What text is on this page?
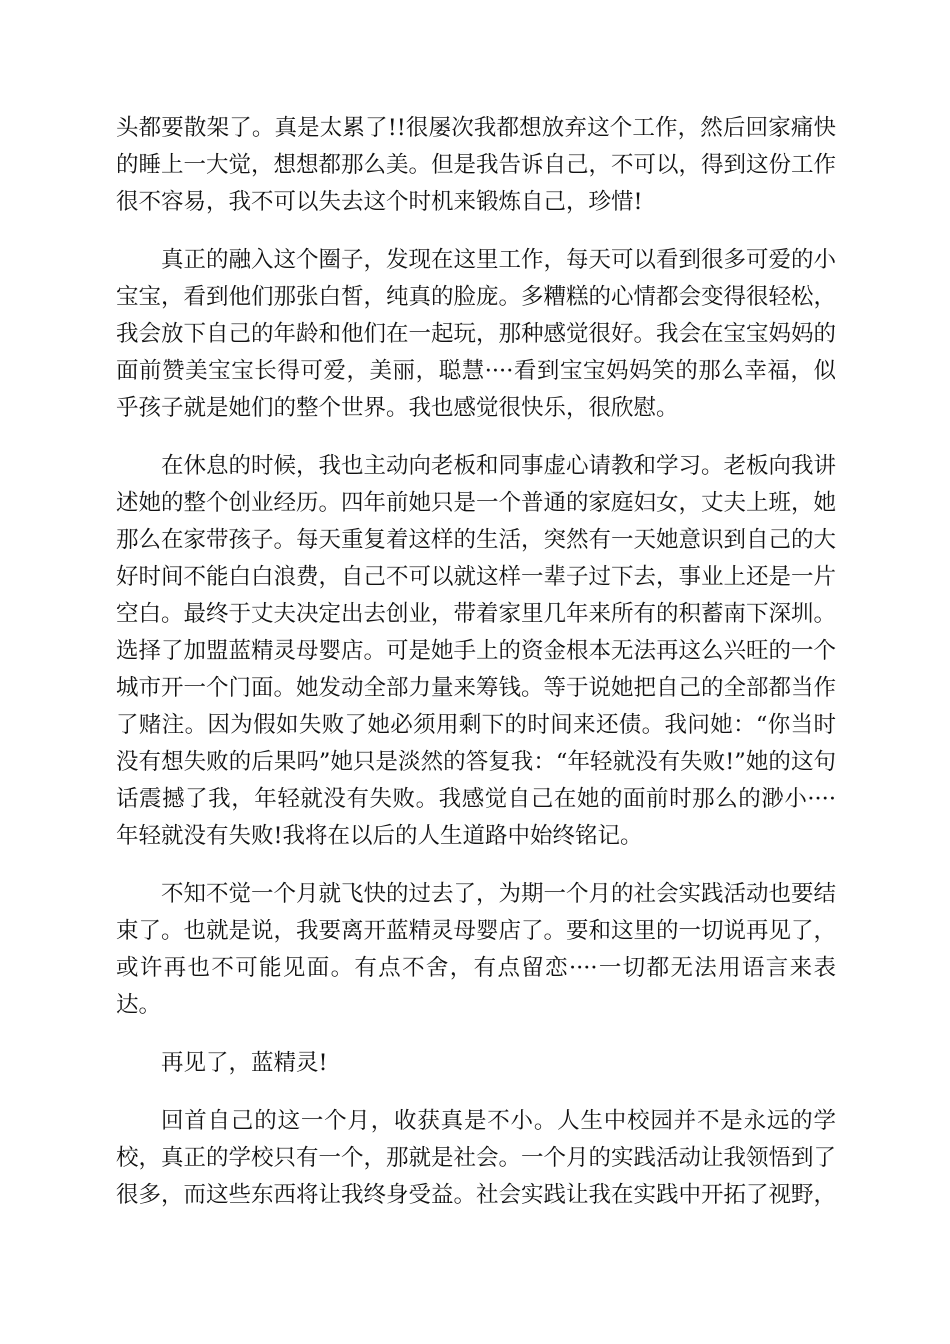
头都要散架了。真是太累了!!很屡次我都想放弃这个工作，然后回家痛快的睡上一大觉，想想都那么美。但是我告诉自己，不可以，得到这份工作很不容易，我不可以失去这个时机来锻炼自己，珍惜!

真正的融入这个圈子，发现在这里工作，每天可以看到很多可爱的小宝宝，看到他们那张白皙，纯真的脸庞。多糟糕的心情都会变得很轻松，我会放下自己的年龄和他们在一起玩，那种感觉很好。我会在宝宝妈妈的面前赞美宝宝长得可爱，美丽，聪慧····看到宝宝妈妈笑的那么幸福，似乎孩子就是她们的整个世界。我也感觉很快乐，很欣慰。

在休息的时候，我也主动向老板和同事虚心请教和学习。老板向我讲述她的整个创业经历。四年前她只是一个普通的家庭妇女，丈夫上班，她那么在家带孩子。每天重复着这样的生活，突然有一天她意识到自己的大好时间不能白白浪费，自己不可以就这样一辈子过下去，事业上还是一片空白。最终于丈夫决定出去创业，带着家里几年来所有的积蓄南下深圳。选择了加盟蓝精灵母婴店。可是她手上的资金根本无法再这么兴旺的一个城市开一个门面。她发动全部力量来筹钱。等于说她把自己的全部都当作了赌注。因为假如失败了她必须用剩下的时间来还债。我问她：“你当时没有想失败的后果吗”她只是淡然的答复我：“年轻就没有失败!”她的这句话震撼了我，年轻就没有失败。我感觉自己在她的面前时那么的渺小····年轻就没有失败!我将在以后的人生道路中始终铭记。

不知不觉一个月就飞快的过去了，为期一个月的社会实践活动也要结束了。也就是说，我要离开蓝精灵母婴店了。要和这里的一切说再见了，或许再也不可能见面。有点不舍，有点留恋····一切都无法用语言来表达。

再见了，蓝精灵!

回首自己的这一个月，收获真是不小。人生中校园并不是永远的学校，真正的学校只有一个，那就是社会。一个月的实践活动让我领悟到了很多，而这些东西将让我终身受益。社会实践让我在实践中开拓了视野，
